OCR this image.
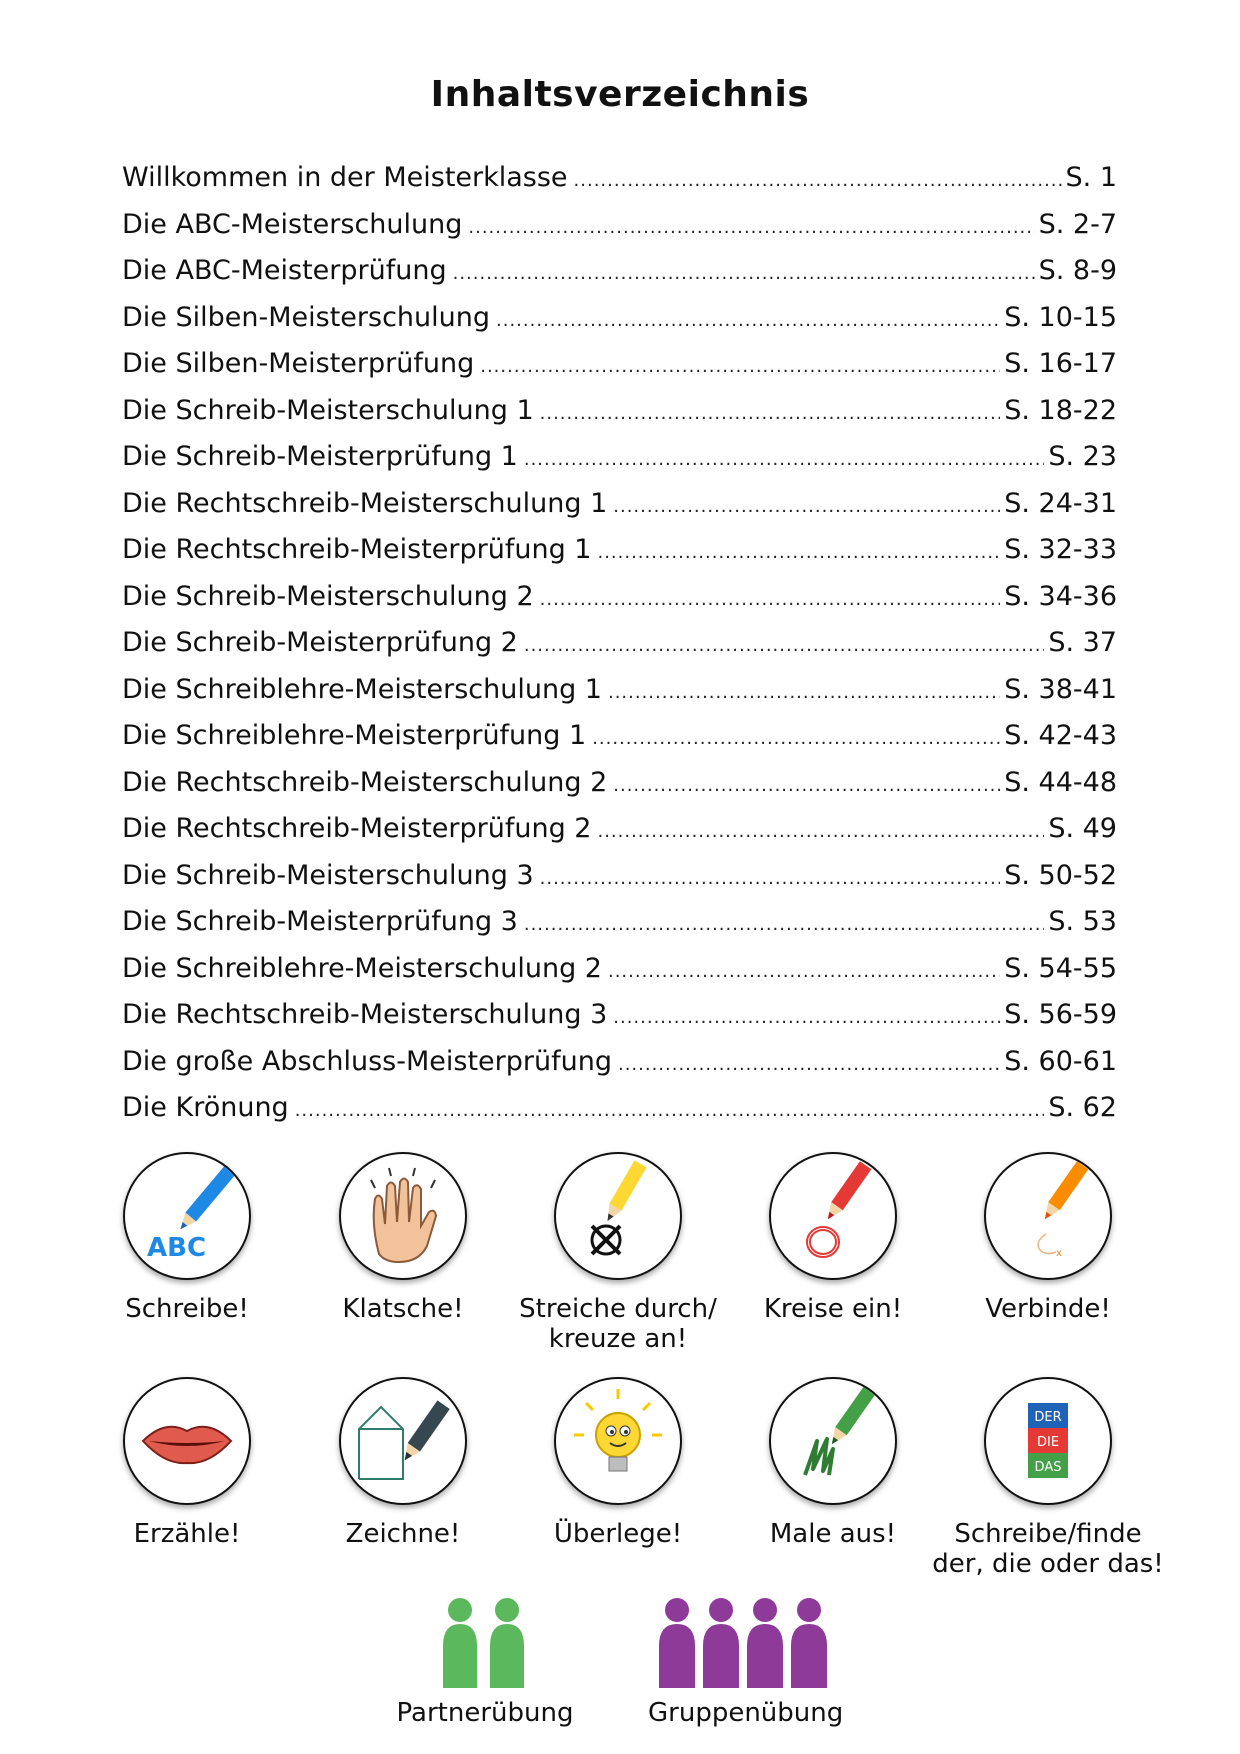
Inhaltsverzeichnis
Willkommen in der Meisterklasse .....	S. 1
Die ABC-Meisterschulung .....	S. 2-7
Die ABC-Meisterprüfung .....	S. 8-9
Die Silben-Meisterschulung .....	S. 10-15
Die Silben-Meisterprüfung .....	S. 16-17
Die Schreib-Meisterschulung 1 .....	S. 18-22
Die Schreib-Meisterprüfung 1 .....	S. 23
Die Rechtschreib-Meisterschulung 1 .....	S. 24-31
Die Rechtschreib-Meisterprüfung 1 .....	S. 32-33
Die Schreib-Meisterschulung 2 .....	S. 34-36
Die Schreib-Meisterprüfung 2 .....	S. 37
Die Schreiblehre-Meisterschulung 1 .....	S. 38-41
Die Schreiblehre-Meisterprüfung 1 .....	S. 42-43
Die Rechtschreib-Meisterschulung 2 .....	S. 44-48
Die Rechtschreib-Meisterprüfung 2 .....	S. 49
Die Schreib-Meisterschulung 3 .....	S. 50-52
Die Schreib-Meisterprüfung 3 .....	S. 53
Die Schreiblehre-Meisterschulung 2 .....	S. 54-55
Die Rechtschreib-Meisterschulung 3 .....	S. 56-59
Die große Abschluss-Meisterprüfung .....	S. 60-61
Die Krönung .....	S. 62
ABC
Schreibe!	Klatsche!	Streiche durch/ kreuze an!
Kreise ein!
x
Verbinde!
Erzähle!	Zeichne!	Überlege!	Male aus!
DER
DIE
DAS
Schreibe/finde der, die oder das!
Partnerübung	Gruppenübung
